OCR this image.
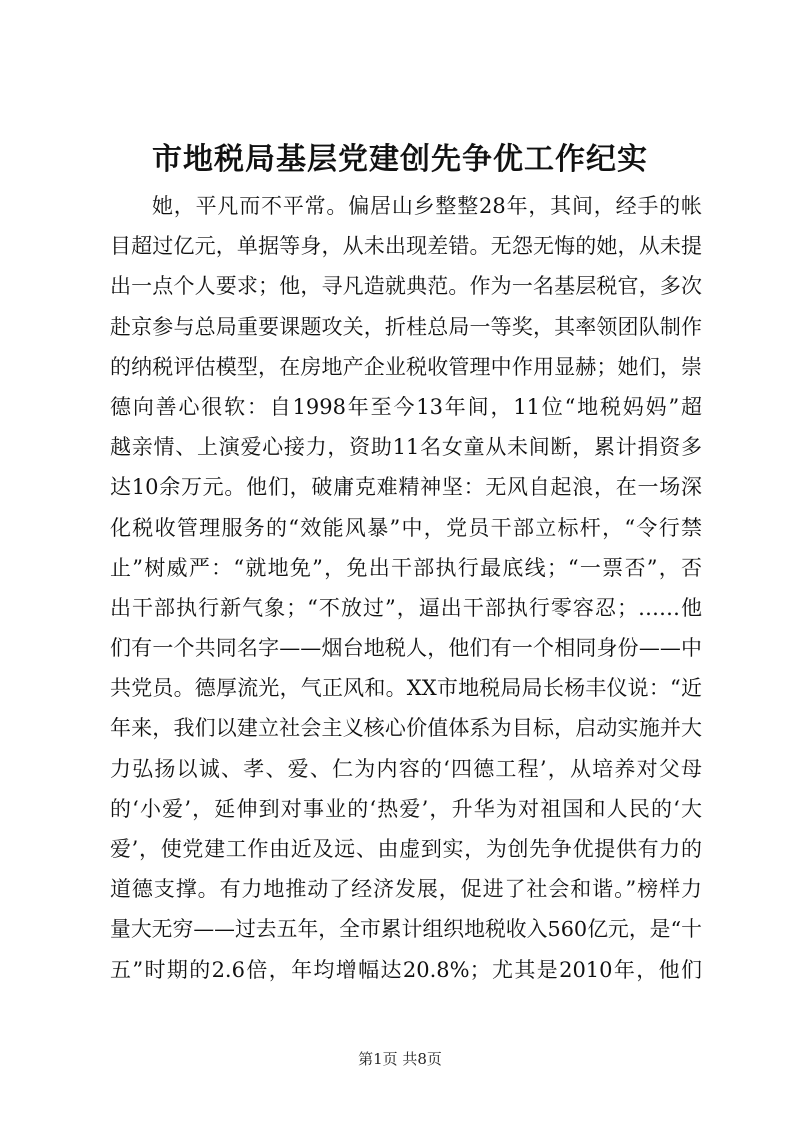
市地税局基层党建创先争优工作纪实
她，平凡而不平常。偏居山乡整整28年，其间，经手的帐
目超过亿元，单据等身，从未出现差错。无怨无悔的她，从未提
出一点个人要求；他，寻凡造就典范。作为一名基层税官，多次
赴京参与总局重要课题攻关，折桂总局一等奖，其率领团队制作
的纳税评估模型，在房地产企业税收管理中作用显赫；她们，崇
德向善心很软：自1998年至今13年间，11位“地税妈妈”超
越亲情、上演爱心接力，资助11名女童从未间断，累计捐资多
达10余万元。他们，破庸克难精神坚：无风自起浪，在一场深
化税收管理服务的“效能风暴”中，党员干部立标杆，“令行禁
止”树威严：“就地免”，免出干部执行最底线；“一票否”，否
出干部执行新气象；“不放过”，逼出干部执行零容忍；……他
们有一个共同名字——烟台地税人，他们有一个相同身份——中
共党员。德厚流光，气正风和。XX市地税局局长杨丰仪说：“近
年来，我们以建立社会主义核心价值体系为目标，启动实施并大
力弘扬以诚、孝、爱、仁为内容的‘四德工程’，从培养对父母
的‘小爱’，延伸到对事业的‘热爱’，升华为对祖国和人民的‘大
爱’，使党建工作由近及远、由虚到实，为创先争优提供有力的
道德支撑。有力地推动了经济发展，促进了社会和谐。”榜样力
量大无穷——过去五年，全市累计组织地税收入560亿元，是“十
五”时期的2.6倍，年均增幅达20.8%；尤其是2010年，他们
第1页 共8页
